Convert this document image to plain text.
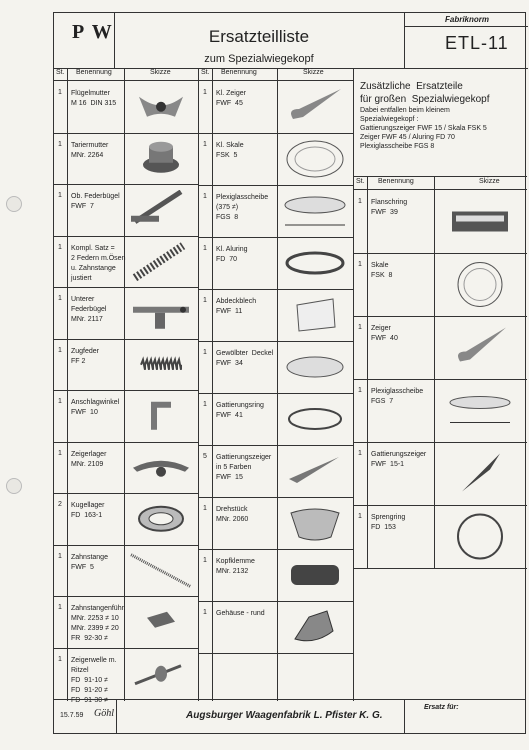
P W	Ersatzteilliste
zum Spezialwiegekopf
Fabriknorm
ETL-11
St. Benennung	Skizze
1 Flügelmutter
M 16  DIN 315
1 Tariermutter
MNr. 2264
1 Ob. Federbügel
FWF  7
1 Kompl. Satz =
2 Federn m.Ösen
u. Zahnstange
justiert
1 Unterer
Federbügel
MNr. 2117
1 Zugfeder
FF 2
1 Anschlagwinkel
FWF  10
1 Zeigerlager
MNr. 2109
2 Kugellager
FD  163-1
1 Zahnstange
FWF  5
1 Zahnstangenführ.
MNr. 2253 ≠ 10
MNr. 2399 ≠ 20
FR  92-30 ≠
1 Zeigerwelle m.
Ritzel
FD  91-10 ≠
FD  91-20 ≠
FD  91-30 ≠
St. Benennung	Skizze
1 Kl. Zeiger
FWF  45
1 Kl. Skale
FSK  5
1 Plexiglasscheibe
(375 ≠)
FGS  8
1 Kl. Aluring
FD  70
1 Abdeckblech
FWF  11
1 Gewölbter  Deckel
FWF  34
1 Gattierungsring
FWF  41
5 Gattierungszeiger
in 5 Farben
FWF  15
1 Drehstück
MNr. 2060
1 Kopfklemme
MNr. 2132
1 Gehäuse - rund
Zusätzliche  Ersatzteile
für großen  Spezialwiegekopf
Dabei entfallen beim kleinem
Spezialwiegekopf :
Gattierungszeiger FWF 15 / Skala FSK 5
Zeiger FWF 45 / Aluring FD 70
Plexiglasscheibe FGS 8
St. Benennung	Skizze
1 Flanschring
FWF  39
1 Skale
FSK  8
1 Zeiger
FWF  40
1 Plexiglasscheibe
FGS  7
1 Gattierungszeiger
FWF  15-1
1 Sprengring
FD  153
15.7.59 Göhl	Augsburger Waagenfabrik L. Pfister K. G.
Ersatz für:
